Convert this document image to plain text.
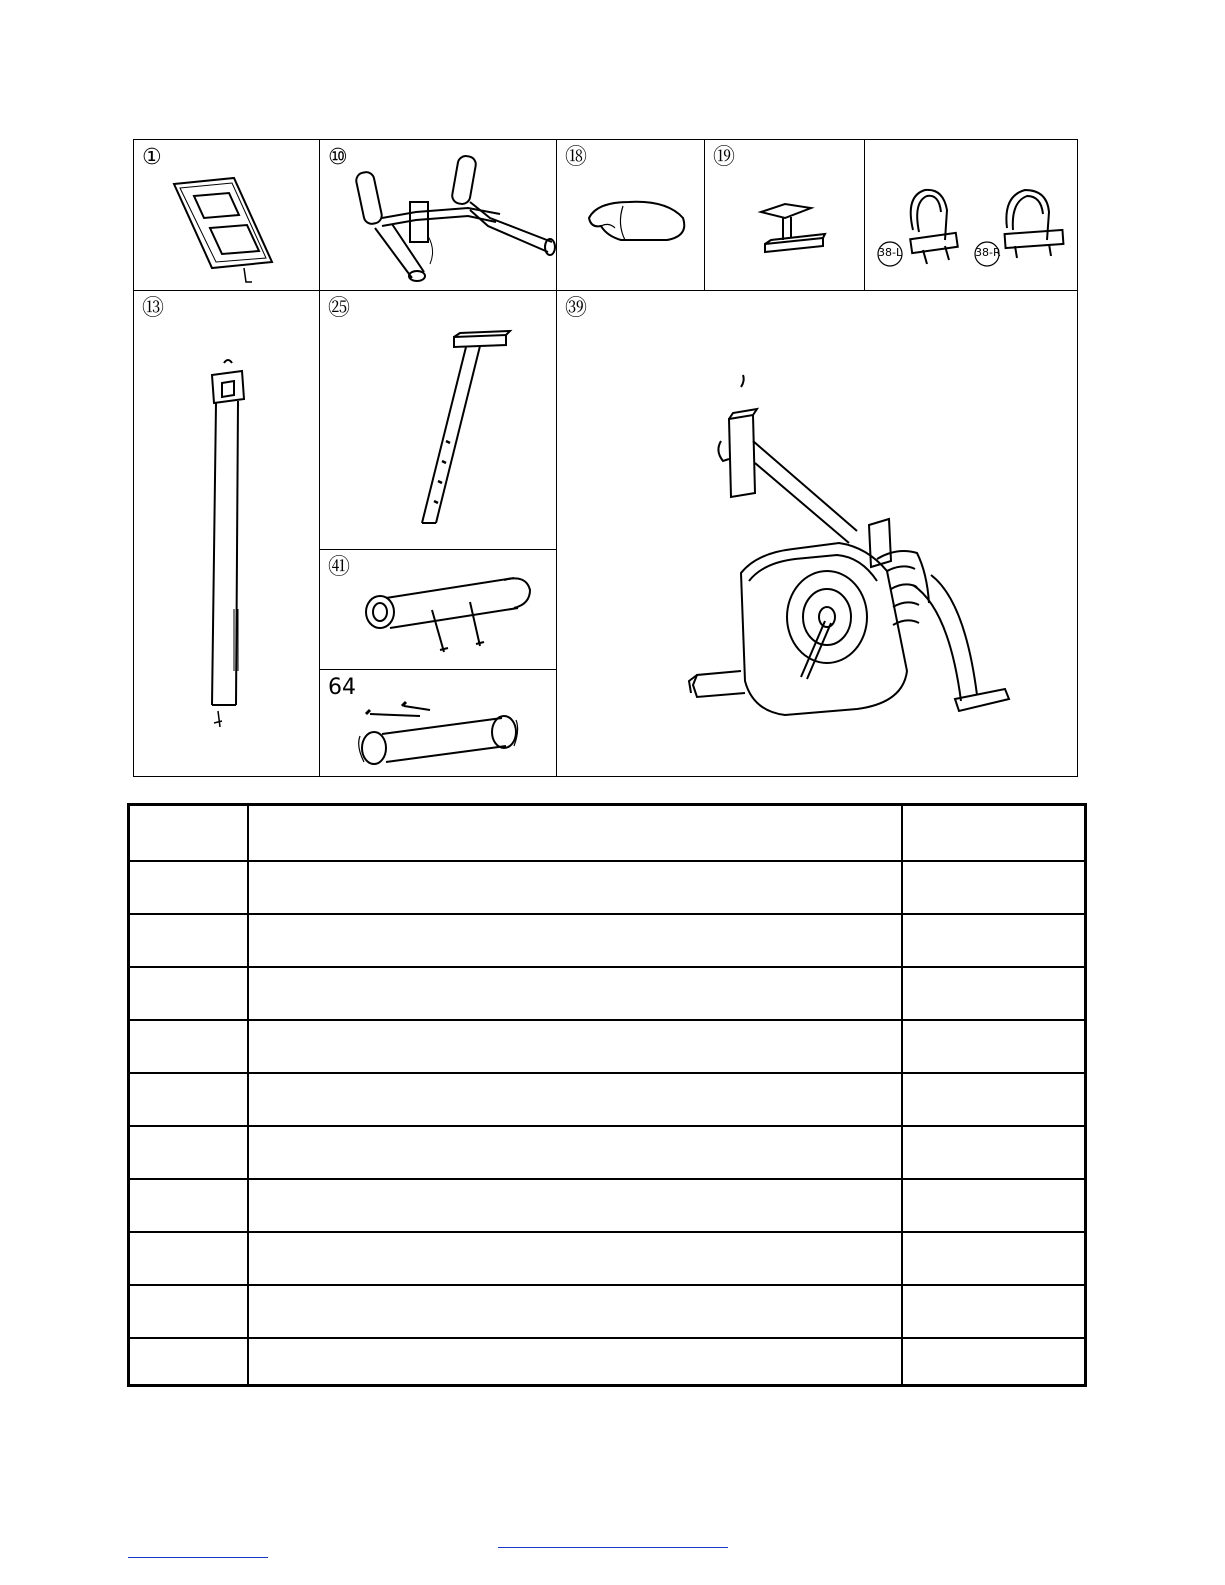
①	⑩	⑱	⑲
38-L	38-R
⑬	㉕	㊴
㊶
64
